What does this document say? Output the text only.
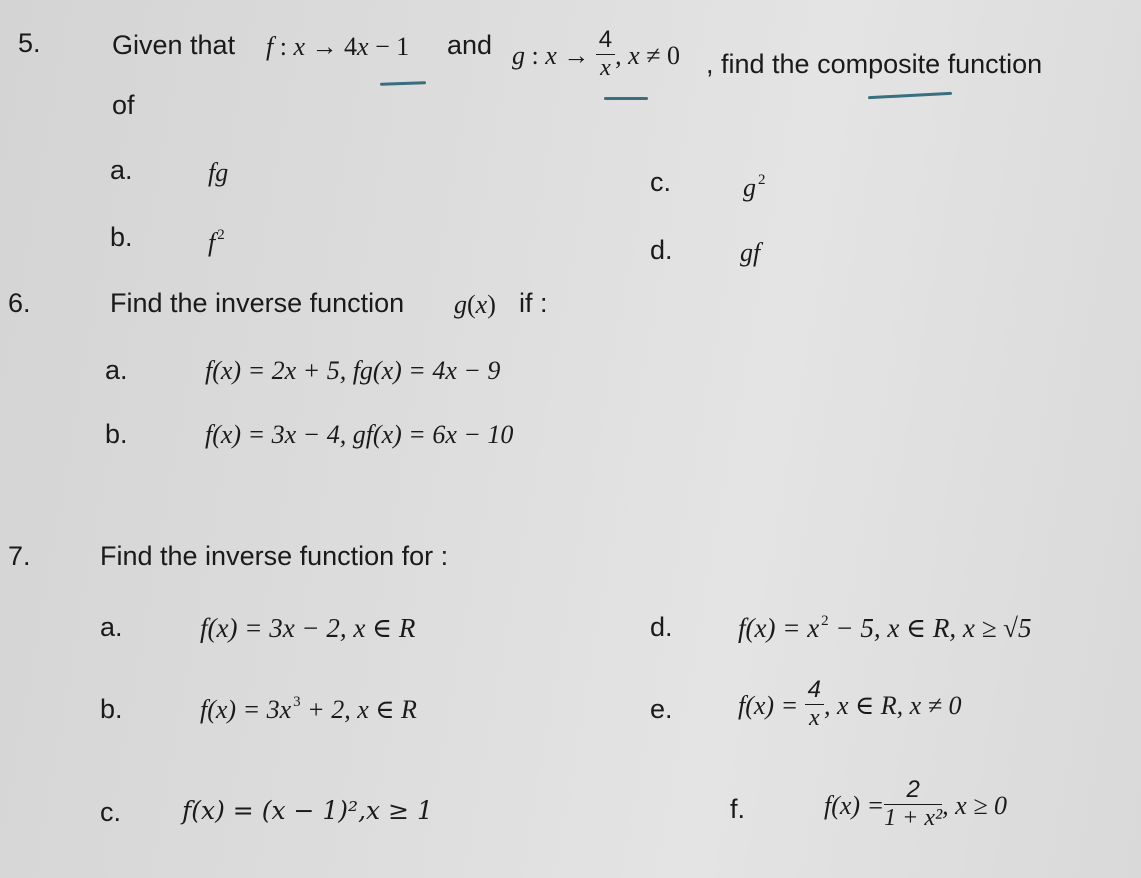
5.	Given that f : x → 4x − 1 and g : $x \to \frac{4}{x}$ , x ≠ 0 , find the composite function
of
a.	fg	c.	g $^2$
b.	f $^2$	d.	gf
6.	Find the inverse function g(x) if :
a.	f(x) = 2x + 5, fg(x) = 4x − 9
b.	f(x) = 3x − 4, gf(x) = 6x − 10
7.	Find the inverse function for :
a.	f(x) = 3x − 2, x ∈ R	d. f(x) = x $^2$ − 5, x ∈ R, x ≥ √5
b.	f(x) = 3x $^3$ + 2, x ∈ R	e.	$f(x) = \frac{4}{x}$ , x ∈ R, x ≠ 0
c. f(x) = (x − 1)²,x ≥ 1	f.	$f(x) = \frac{2}{\text{1 + x²}}$ , x ≥ 0
